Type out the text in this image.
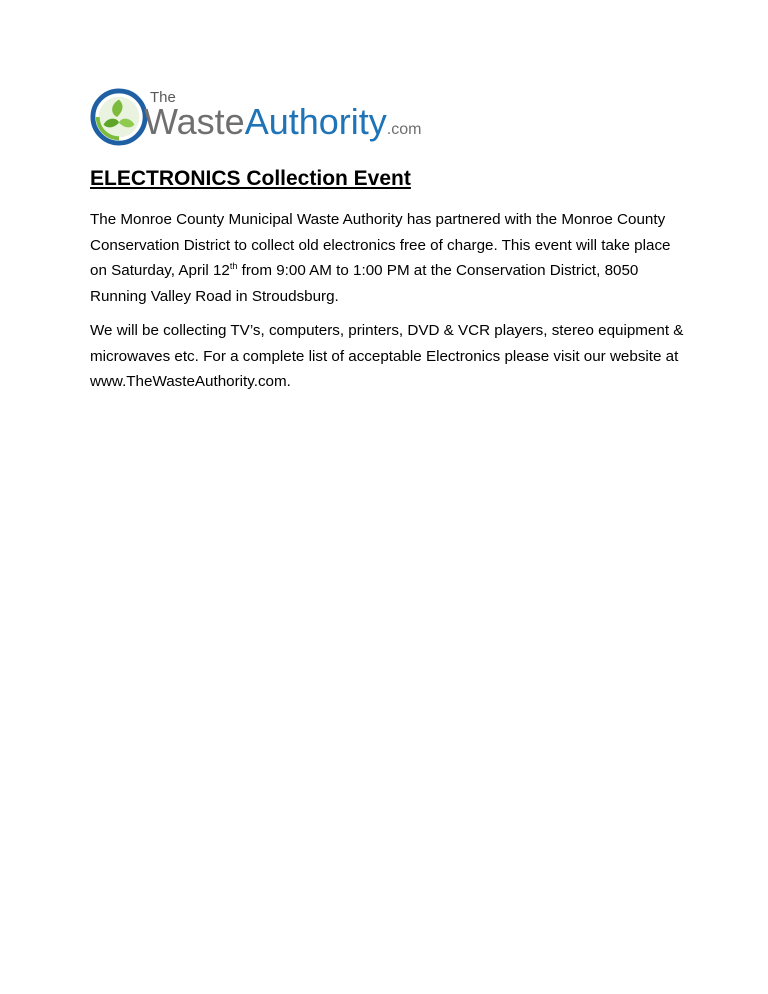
The
WasteAuthority.com
ELECTRONICS Collection Event

The Monroe County Municipal Waste Authority has partnered with the Monroe County Conservation District to collect old electronics free of charge. This event will take place on Saturday, April 12th from 9:00 AM to 1:00 PM at the Conservation District, 8050 Running Valley Road in Stroudsburg.

We will be collecting TV’s, computers, printers, DVD & VCR players, stereo equipment & microwaves etc. For a complete list of acceptable Electronics please visit our website at www.TheWasteAuthority.com.
